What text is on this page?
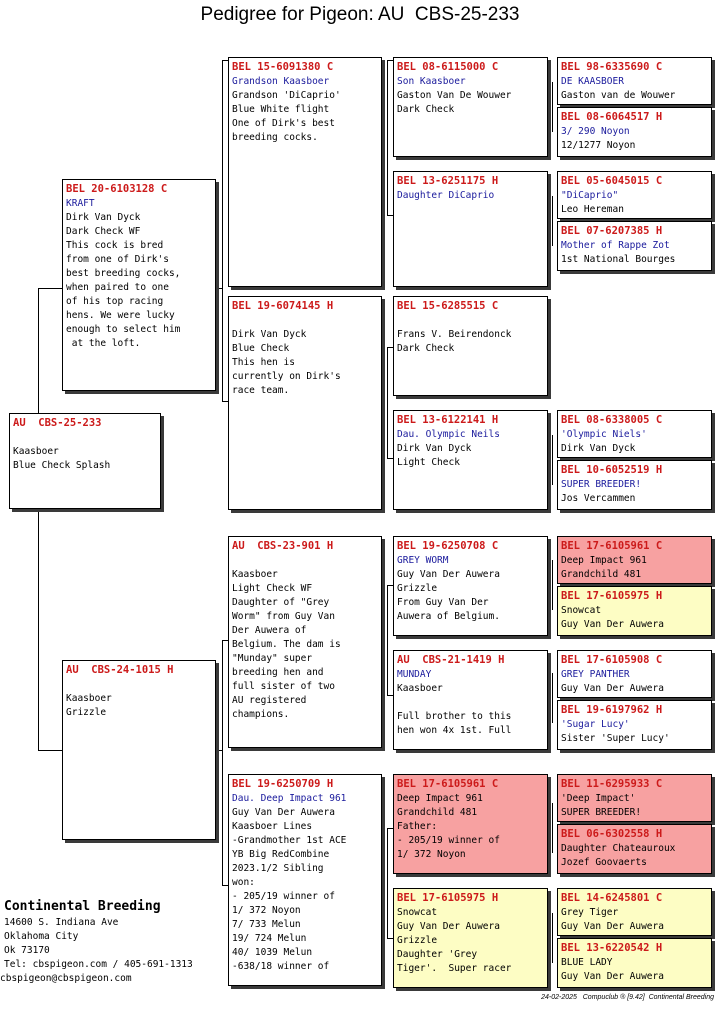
Pedigree for Pigeon: AU  CBS-25-233
AU  CBS-25-233

Kaasboer
Blue Check Splash
BEL 20-6103128 C
KRAFT
Dirk Van Dyck
Dark Check WF
This cock is bred
from one of Dirk's
best breeding cocks,
when paired to one
of his top racing
hens. We were lucky
enough to select him
at the loft.
AU  CBS-24-1015 H

Kaasboer
Grizzle
BEL 15-6091380 C
Grandson Kaasboer
Grandson 'DiCaprio'
Blue White flight
One of Dirk's best
breeding cocks.
BEL 19-6074145 H

Dirk Van Dyck
Blue Check
This hen is
currently on Dirk's
race team.
AU  CBS-23-901 H

Kaasboer
Light Check WF
Daughter of "Grey
Worm" from Guy Van
Der Auwera of
Belgium. The dam is
"Munday" super
breeding hen and
full sister of two
AU registered
champions.
BEL 19-6250709 H
Dau. Deep Impact 961
Guy Van Der Auwera
Kaasboer Lines
-Grandmother 1st ACE
YB Big RedCombine
2023.1/2 Sibling
won:
- 205/19 winner of
1/ 372 Noyon
7/ 733 Melun
19/ 724 Melun
40/ 1039 Melun
-638/18 winner of
BEL 08-6115000 C
Son Kaasboer
Gaston Van De Wouwer
Dark Check
BEL 13-6251175 H
Daughter DiCaprio
BEL 15-6285515 C

Frans V. Beirendonck
Dark Check
BEL 13-6122141 H
Dau. Olympic Neils
Dirk Van Dyck
Light Check
BEL 19-6250708 C
GREY WORM
Guy Van Der Auwera
Grizzle
From Guy Van Der
Auwera of Belgium.
AU  CBS-21-1419 H
MUNDAY
Kaasboer

Full brother to this
hen won 4x 1st. Full
BEL 17-6105961 C
Deep Impact 961
Grandchild 481
Father:
- 205/19 winner of
1/ 372 Noyon
BEL 17-6105975 H
Snowcat
Guy Van Der Auwera
Grizzle
Daughter 'Grey
Tiger'.  Super racer
BEL 98-6335690 C
DE KAASBOER
Gaston van de Wouwer
BEL 08-6064517 H
3/ 290 Noyon
12/1277 Noyon
BEL 05-6045015 C
"DiCaprio"
Leo Hereman
BEL 07-6207385 H
Mother of Rappe Zot
1st National Bourges
BEL 08-6338005 C
'Olympic Niels'
Dirk Van Dyck
BEL 10-6052519 H
SUPER BREEDER!
Jos Vercammen
BEL 17-6105961 C
Deep Impact 961
Grandchild 481
BEL 17-6105975 H
Snowcat
Guy Van Der Auwera
BEL 17-6105908 C
GREY PANTHER
Guy Van Der Auwera
BEL 19-6197962 H
'Sugar Lucy'
Sister 'Super Lucy'
BEL 11-6295933 C
'Deep Impact'
SUPER BREEDER!
BEL 06-6302558 H
Daughter Chateauroux
Jozef Goovaerts
BEL 14-6245801 C
Grey Tiger
Guy Van Der Auwera
BEL 13-6220542 H
BLUE LADY
Guy Van Der Auwera
Continental Breeding
14600 S. Indiana Ave
Oklahoma City
Ok 73170
Tel: cbspigeon.com / 405-691-1313
cbspigeon@cbspigeon.com
24-02-2025   Compuclub ® [9.42]  Continental Breeding
